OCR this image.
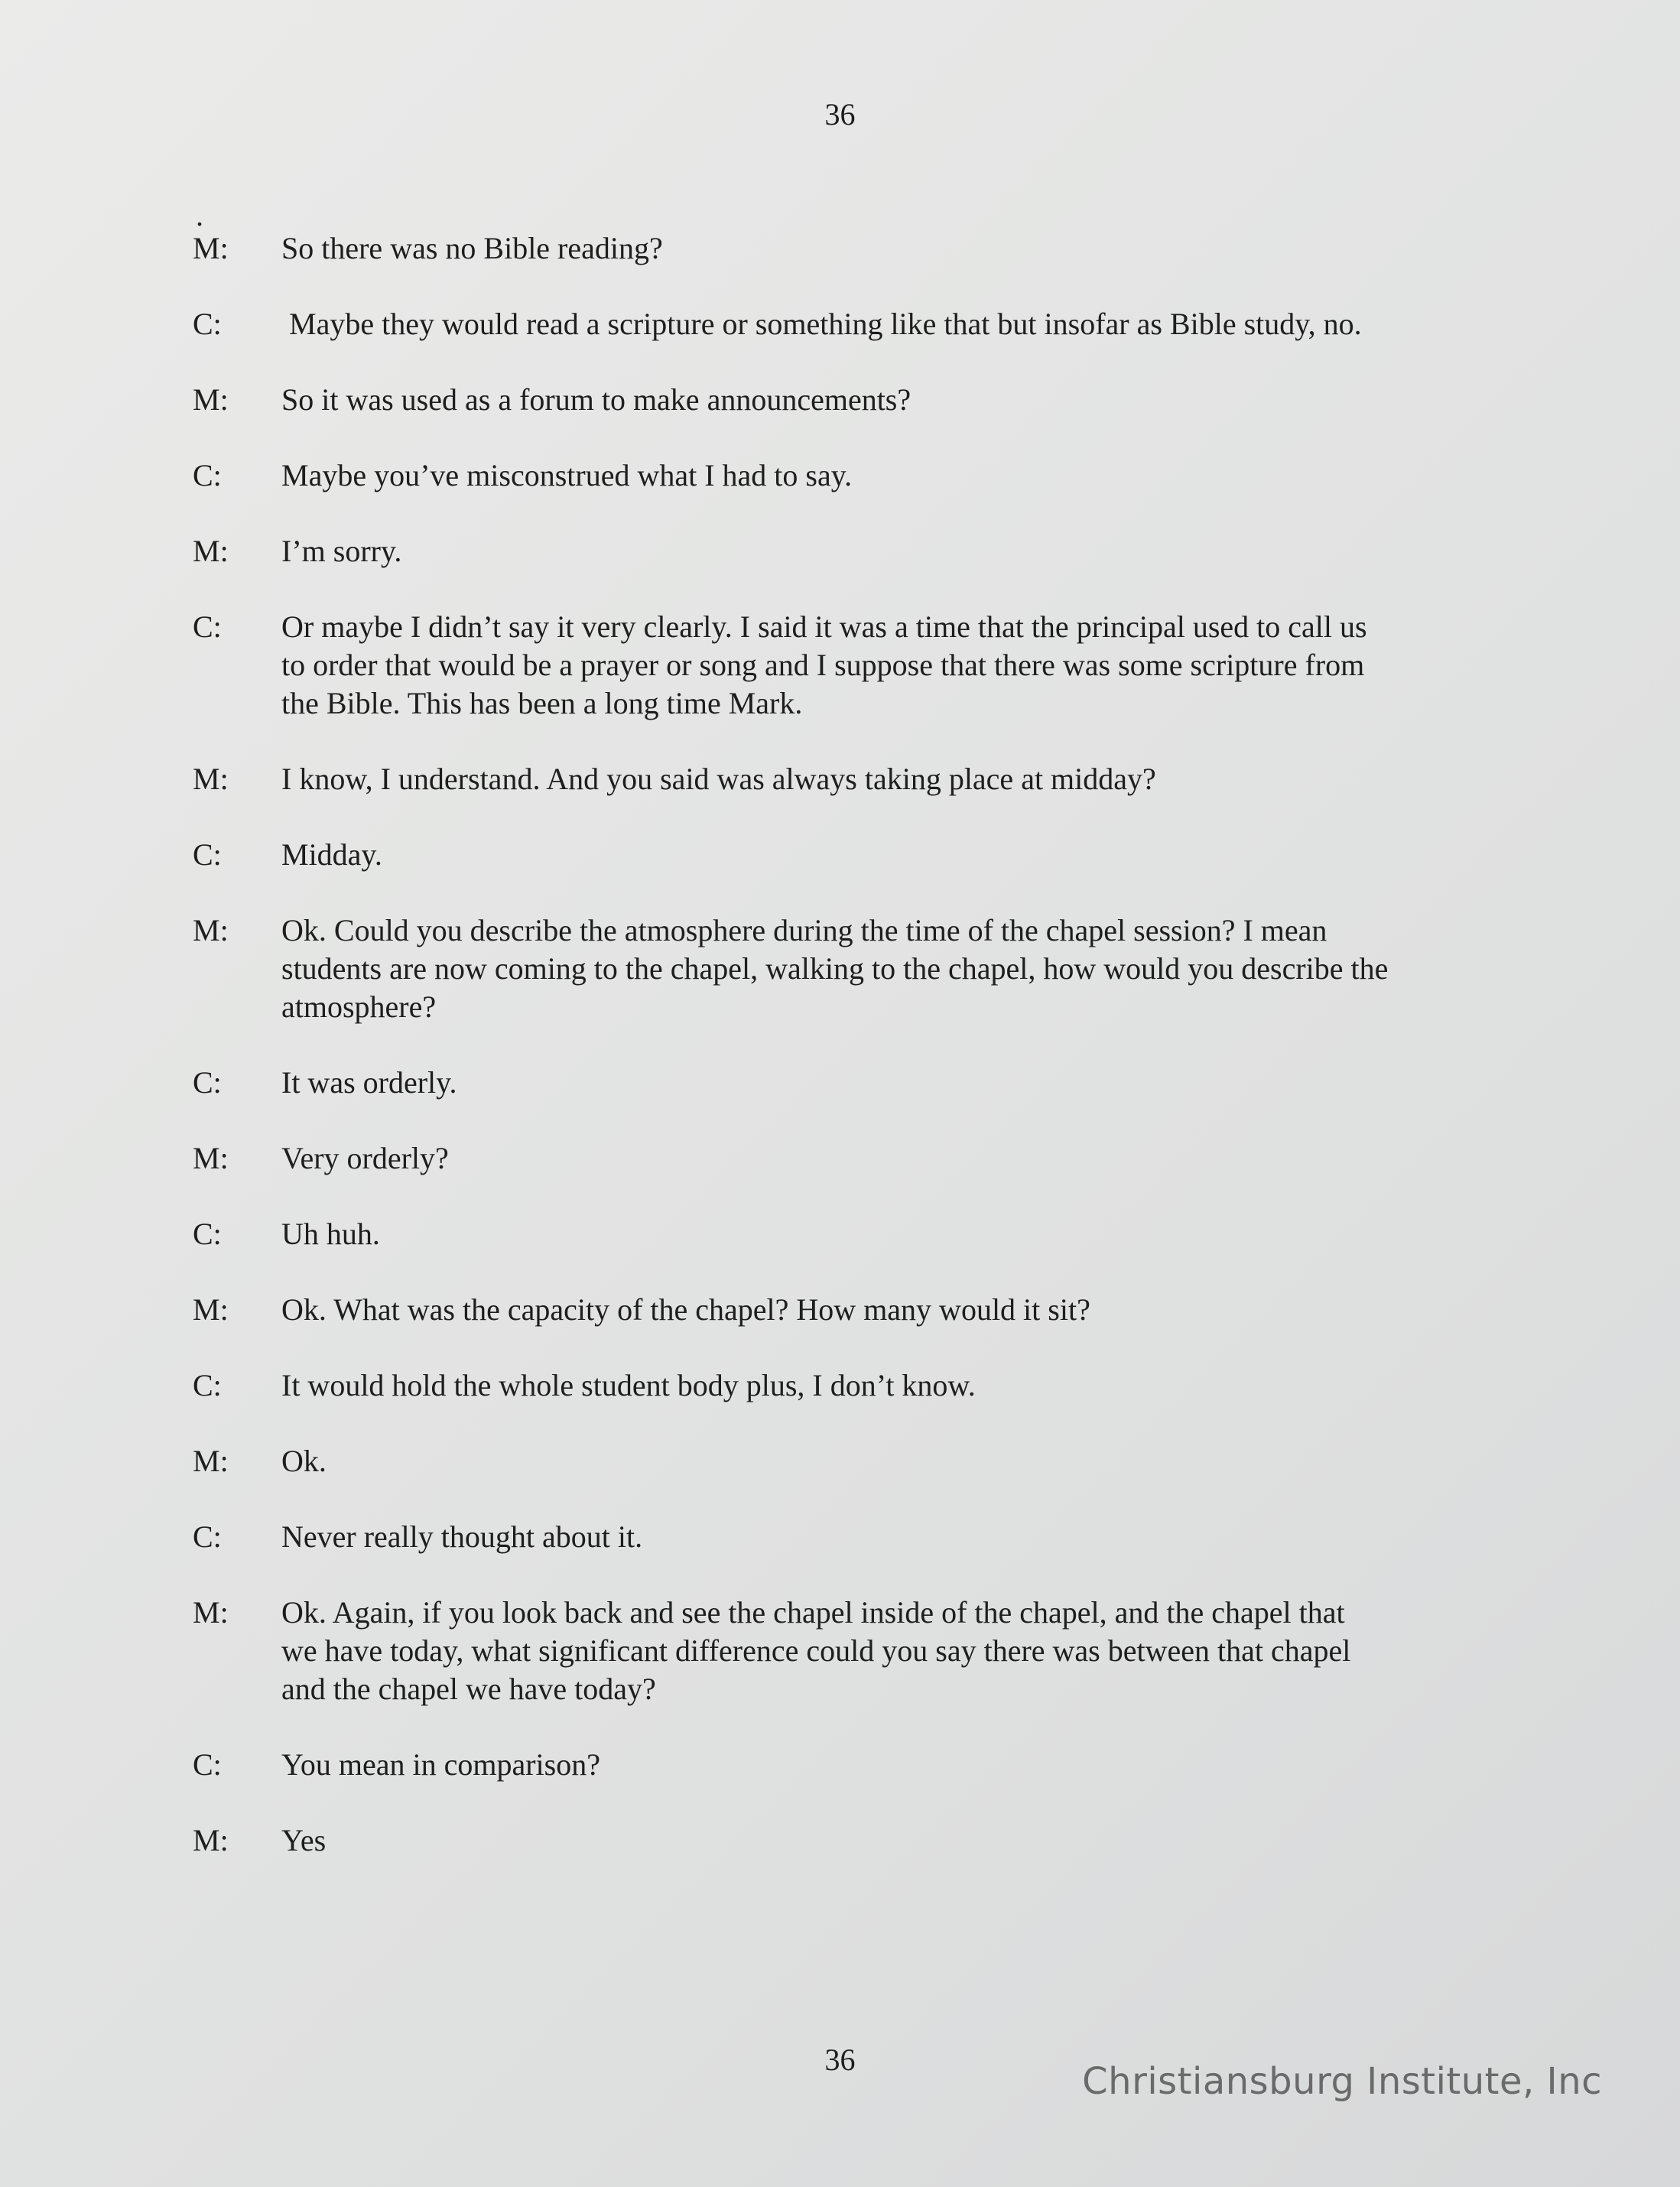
36
.
M:	So there was no Bible reading?
C:	Maybe they would read a scripture or something like that but insofar as Bible study, no.
M:	So it was used as a forum to make announcements?
C:	Maybe you’ve misconstrued what I had to say.
M:	I’m sorry.
C:	Or maybe I didn’t say it very clearly. I said it was a time that the principal used to call us
to order that would be a prayer or song and I suppose that there was some scripture from
the Bible. This has been a long time Mark.
M:	I know, I understand. And you said was always taking place at midday?
C:	Midday.
M:	Ok. Could you describe the atmosphere during the time of the chapel session? I mean
students are now coming to the chapel, walking to the chapel, how would you describe the
atmosphere?
C:	It was orderly.
M:	Very orderly?
C:	Uh huh.
M:	Ok. What was the capacity of the chapel? How many would it sit?
C:	It would hold the whole student body plus, I don’t know.
M:	Ok.
C:	Never really thought about it.
M:	Ok. Again, if you look back and see the chapel inside of the chapel, and the chapel that
we have today, what significant difference could you say there was between that chapel
and the chapel we have today?
C:	You mean in comparison?
M:	Yes
36
Christiansburg Institute, Inc
